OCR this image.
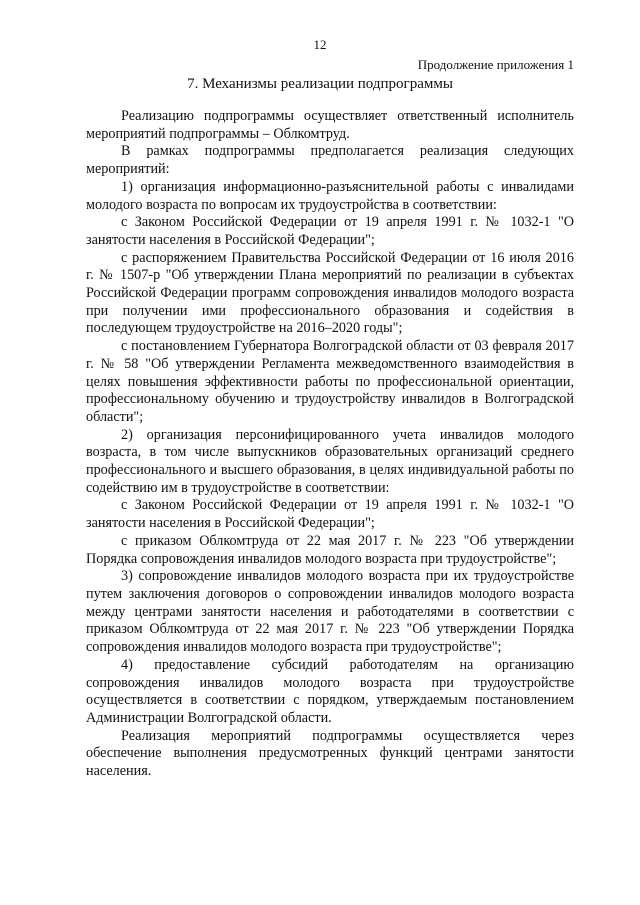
12
Продолжение приложения 1
7. Механизмы реализации подпрограммы

Реализацию подпрограммы осуществляет ответственный исполнитель мероприятий подпрограммы – Облкомтруд.

В рамках подпрограммы предполагается реализация следующих мероприятий:

1) организация информационно-разъяснительной работы с инвалидами молодого возраста по вопросам их трудоустройства в соответствии:

с Законом Российской Федерации от 19 апреля 1991 г. № 1032-1 "О занятости населения в Российской Федерации";

с распоряжением Правительства Российской Федерации от 16 июля 2016 г. № 1507-р "Об утверждении Плана мероприятий по реализации в субъектах Российской Федерации программ сопровождения инвалидов молодого возраста при получении ими профессионального образования и содействия в последующем трудоустройстве на 2016–2020 годы";

с постановлением Губернатора Волгоградской области от 03 февраля 2017 г. № 58 "Об утверждении Регламента межведомственного взаимодействия в целях повышения эффективности работы по профессиональной ориентации, профессиональному обучению и трудоустройству инвалидов в Волгоградской области";

2) организация персонифицированного учета инвалидов молодого возраста, в том числе выпускников образовательных организаций среднего профессионального и высшего образования, в целях индивидуальной работы по содействию им в трудоустройстве в соответствии:

с Законом Российской Федерации от 19 апреля 1991 г. № 1032-1 "О занятости населения в Российской Федерации";

с приказом Облкомтруда от 22 мая 2017 г. № 223 "Об утверждении Порядка сопровождения инвалидов молодого возраста при трудоустройстве";

3) сопровождение инвалидов молодого возраста при их трудоустройстве путем заключения договоров о сопровождении инвалидов молодого возраста между центрами занятости населения и работодателями в соответствии с приказом Облкомтруда от 22 мая 2017 г. № 223 "Об утверждении Порядка сопровождения инвалидов молодого возраста при трудоустройстве";

4) предоставление субсидий работодателям на организацию сопровождения инвалидов молодого возраста при трудоустройстве осуществляется в соответствии с порядком, утверждаемым постановлением Администрации Волгоградской области.

Реализация мероприятий подпрограммы осуществляется через обеспечение выполнения предусмотренных функций центрами занятости населения.
